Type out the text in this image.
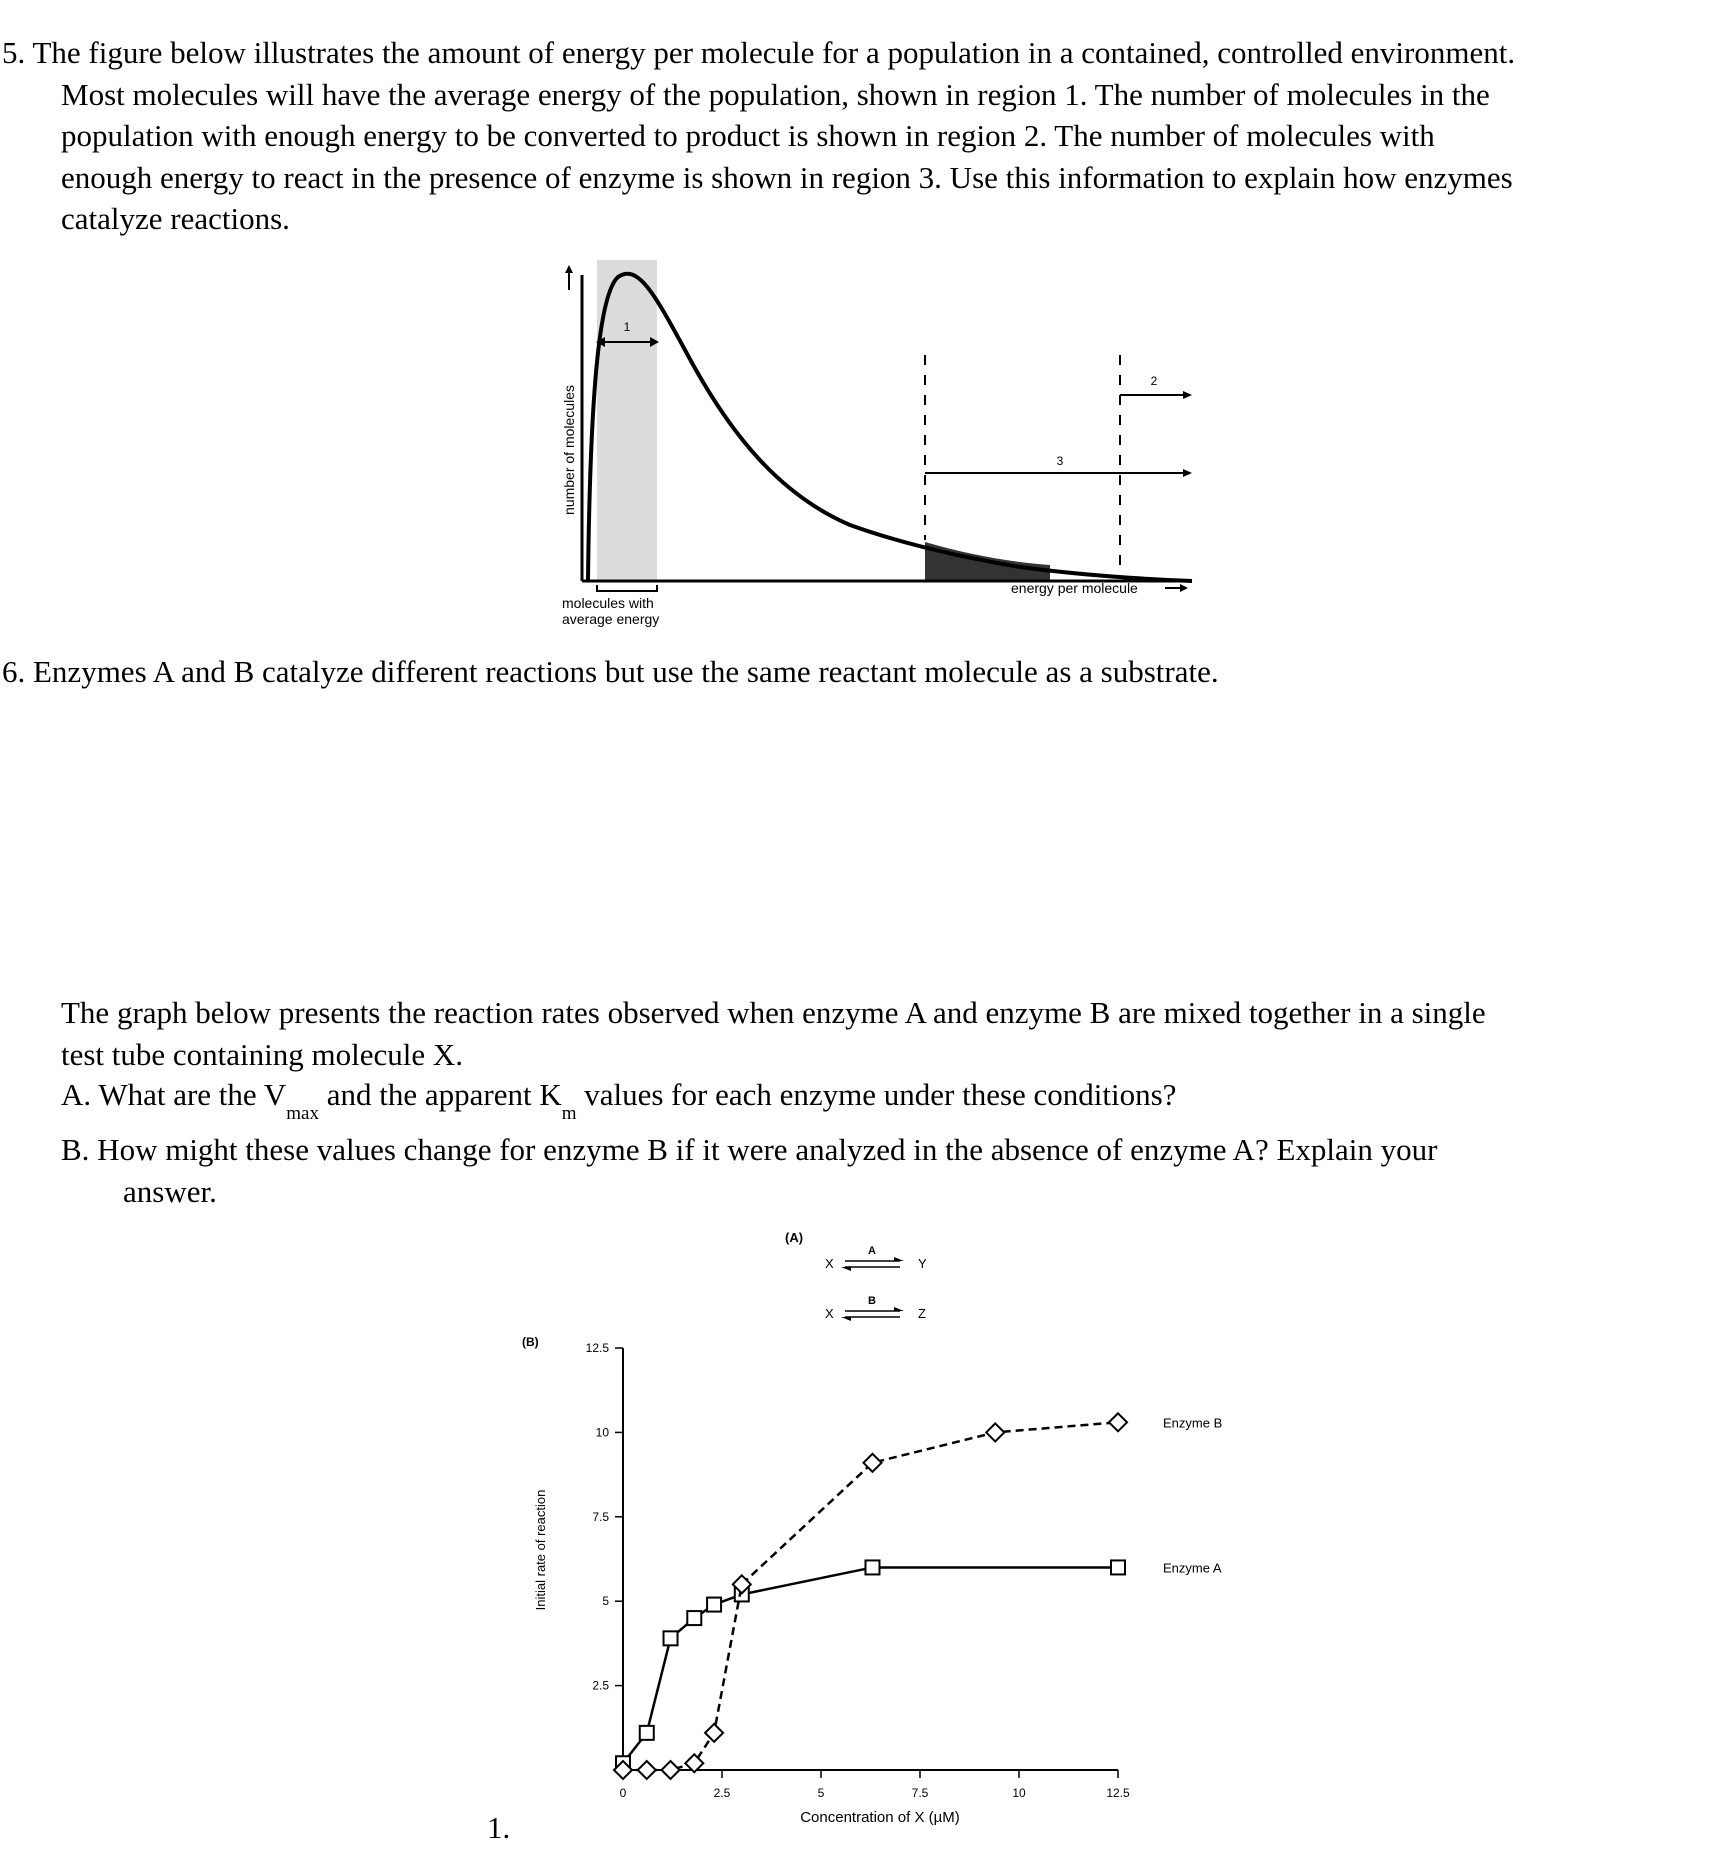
5. The figure below illustrates the amount of energy per molecule for a population in a contained, controlled environment.
Most molecules will have the average energy of the population, shown in region 1. The number of molecules in the
population with enough energy to be converted to product is shown in region 2. The number of molecules with
enough energy to react in the presence of enzyme is shown in region 3. Use this information to explain how enzymes
catalyze reactions.
number of molecules
1
2
3
molecules with
average energy
energy per molecule
6. Enzymes A and B catalyze different reactions but use the same reactant molecule as a substrate.
The graph below presents the reaction rates observed when enzyme A and enzyme B are mixed together in a single
test tube containing molecule X.
A. What are the $V_{max}$ and the apparent $K_m$ values for each enzyme under these conditions?
B. How might these values change for enzyme B if it were analyzed in the absence of enzyme A? Explain your
answer.
(A)
X
A
Y
X
B
Z
(B)
0	2.5	5	7.5	10	12.5
2.5
5
7.5
10
12.5
Enzyme A
Enzyme B
Initial rate of reaction
Concentration of X (µM)
1.
